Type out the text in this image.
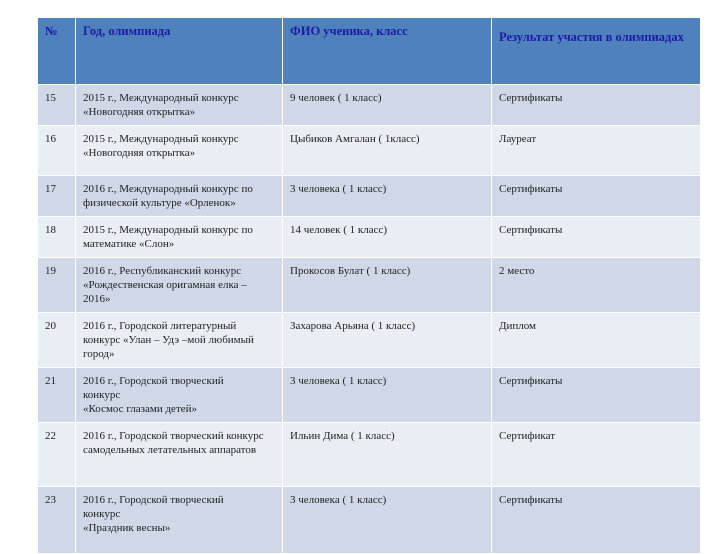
№	Год, олимпиада	ФИО ученика, класс	Результат участия в олимпиадах
15	2015 г., Международный конкурс
«Новогодняя открытка»	9 человек ( 1 класс)	Сертификаты
16	2015 г., Международный конкурс
«Новогодняя открытка»	Цыбиков Амгалан ( 1класс)	Лауреат
17	2016 г., Международный конкурс по физической культуре «Орленок»	3 человека ( 1 класс)	Сертификаты
18	2015 г., Международный конкурс по математике «Слон»	14 человек ( 1 класс)	Сертификаты
19	2016 г., Республиканский конкурс «Рождественская оригамная елка – 2016»	Прокосов Булат ( 1 класс)	2 место
20	2016 г., Городской литературный конкурс «Улан – Удэ –мой любимый город»	Захарова Арьяна ( 1 класс)	Диплом
21	2016 г., Городской творческий
конкурс
«Космос глазами детей»	3 человека ( 1 класс)	Сертификаты
22	2016 г., Городской творческий конкурс самодельных летательных аппаратов	Ильин Дима ( 1 класс)	Сертификат
23	2016 г., Городской творческий
конкурс
«Праздник весны»	3 человека ( 1 класс)	Сертификаты
